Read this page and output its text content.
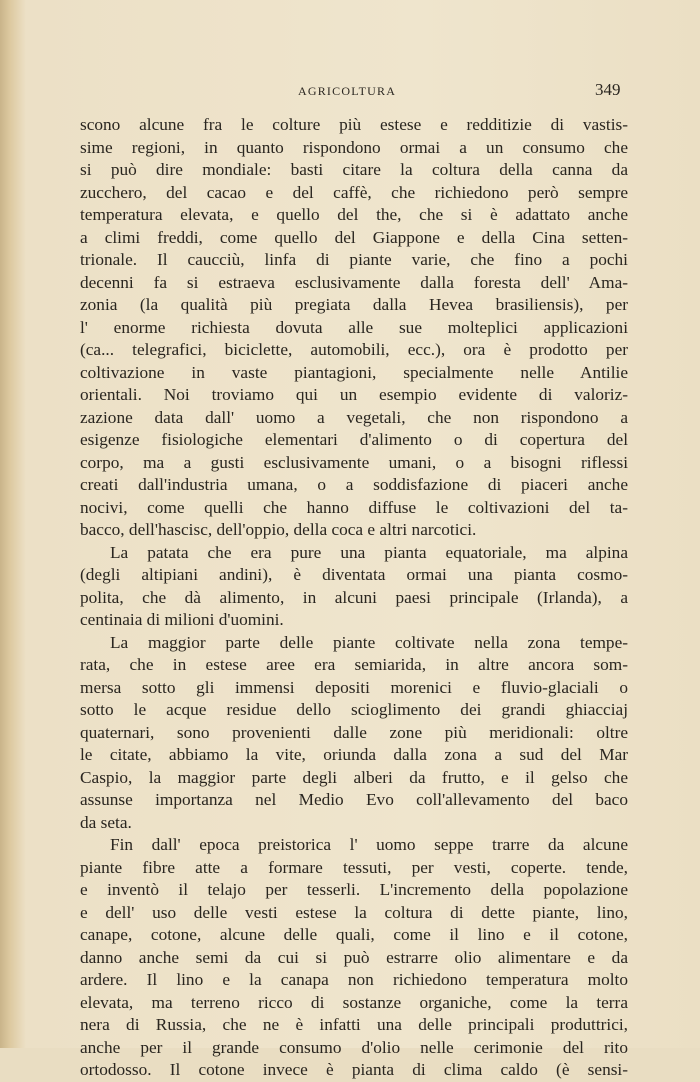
AGRICOLTURA	349
scono alcune fra le colture più estese e redditizie di vastis-
sime regioni, in quanto rispondono ormai a un consumo che
si può dire mondiale: basti citare la coltura della canna da
zucchero, del cacao e del caffè, che richiedono però sempre
temperatura elevata, e quello del the, che si è adattato anche
a climi freddi, come quello del Giappone e della Cina setten-
trionale. Il caucciù, linfa di piante varie, che fino a pochi
decenni fa si estraeva esclusivamente dalla foresta dell' Ama-
zonia (la qualità più pregiata dalla Hevea brasiliensis), per
l' enorme richiesta dovuta alle sue molteplici applicazioni
(ca... telegrafici, biciclette, automobili, ecc.), ora è prodotto per
coltivazione in vaste piantagioni, specialmente nelle Antilie
orientali. Noi troviamo qui un esempio evidente di valoriz-
zazione data dall' uomo a vegetali, che non rispondono a
esigenze fisiologiche elementari d'alimento o di copertura del
corpo, ma a gusti esclusivamente umani, o a bisogni riflessi
creati dall'industria umana, o a soddisfazione di piaceri anche
nocivi, come quelli che hanno diffuse le coltivazioni del ta-
bacco, dell'hascisc, dell'oppio, della coca e altri narcotici.
La patata che era pure una pianta equatoriale, ma alpina
(degli altipiani andini), è diventata ormai una pianta cosmo-
polita, che dà alimento, in alcuni paesi principale (Irlanda), a
centinaia di milioni d'uomini.
La maggior parte delle piante coltivate nella zona tempe-
rata, che in estese aree era semiarida, in altre ancora som-
mersa sotto gli immensi depositi morenici e fluvio-glaciali o
sotto le acque residue dello scioglimento dei grandi ghiacciaj
quaternari, sono provenienti dalle zone più meridionali: oltre
le citate, abbiamo la vite, oriunda dalla zona a sud del Mar
Caspio, la maggior parte degli alberi da frutto, e il gelso che
assunse importanza nel Medio Evo coll'allevamento del baco
da seta.
Fin dall' epoca preistorica l' uomo seppe trarre da alcune
piante fibre atte a formare tessuti, per vesti, coperte. tende,
e inventò il telajo per tesserli. L'incremento della popolazione
e dell' uso delle vesti estese la coltura di dette piante, lino,
canape, cotone, alcune delle quali, come il lino e il cotone,
danno anche semi da cui si può estrarre olio alimentare e da
ardere. Il lino e la canapa non richiedono temperatura molto
elevata, ma terreno ricco di sostanze organiche, come la terra
nera di Russia, che ne è infatti una delle principali produttrici,
anche per il grande consumo d'olio nelle cerimonie del rito
ortodosso. Il cotone invece è pianta di clima caldo (è sensi-
